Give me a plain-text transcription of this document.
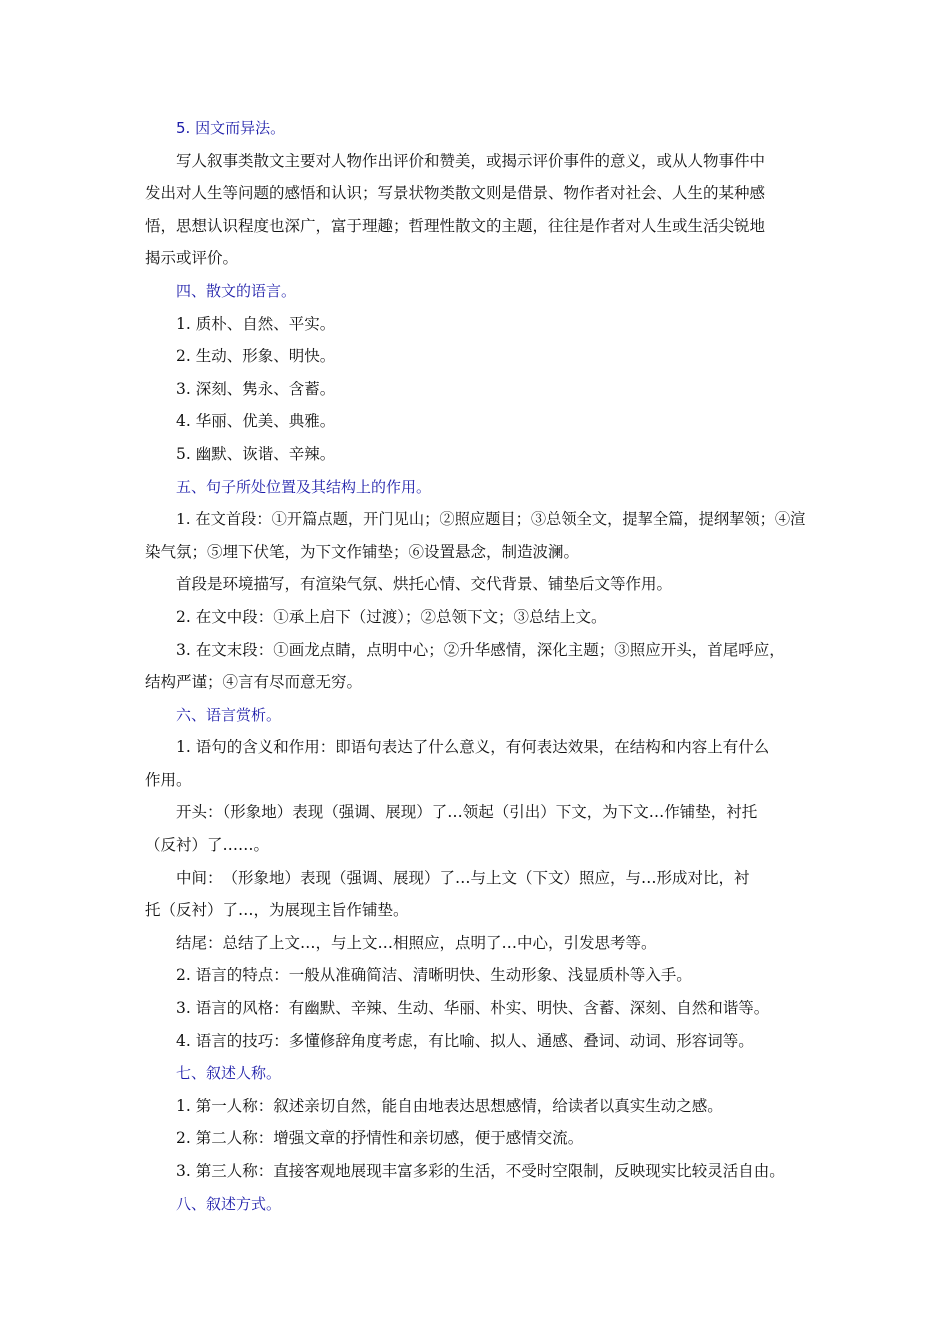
5. 因文而异法。
写人叙事类散文主要对人物作出评价和赞美，或揭示评价事件的意义，或从人物事件中
发出对人生等问题的感悟和认识；写景状物类散文则是借景、物作者对社会、人生的某种感
悟，思想认识程度也深广，富于理趣；哲理性散文的主题，往往是作者对人生或生活尖锐地
揭示或评价。
四、散文的语言。
1. 质朴、自然、平实。
2. 生动、形象、明快。
3. 深刻、隽永、含蓄。
4. 华丽、优美、典雅。
5. 幽默、诙谐、辛辣。
五、句子所处位置及其结构上的作用。
1. 在文首段：①开篇点题，开门见山；②照应题目；③总领全文，提挈全篇，提纲挈领；④渲
染气氛；⑤埋下伏笔，为下文作铺垫；⑥设置悬念，制造波澜。
首段是环境描写，有渲染气氛、烘托心情、交代背景、铺垫后文等作用。
2. 在文中段：①承上启下（过渡）；②总领下文；③总结上文。
3. 在文末段：①画龙点睛，点明中心；②升华感情，深化主题；③照应开头，首尾呼应，
结构严谨；④言有尽而意无穷。
六、语言赏析。
1. 语句的含义和作用：即语句表达了什么意义，有何表达效果，在结构和内容上有什么
作用。
开头：（形象地）表现（强调、展现）了…领起（引出）下文，为下文…作铺垫，衬托
（反衬）了……。
中间：　（形象地）表现（强调、展现）了…与上文（下文）照应，与…形成对比，衬
托（反衬）了…，为展现主旨作铺垫。
结尾：总结了上文…，与上文…相照应，点明了…中心，引发思考等。
2. 语言的特点：一般从准确简洁、清晰明快、生动形象、浅显质朴等入手。
3. 语言的风格：有幽默、辛辣、生动、华丽、朴实、明快、含蓄、深刻、自然和谐等。
4. 语言的技巧：多懂修辞角度考虑，有比喻、拟人、通感、叠词、动词、形容词等。
七、叙述人称。
1. 第一人称：叙述亲切自然，能自由地表达思想感情，给读者以真实生动之感。
2. 第二人称：增强文章的抒情性和亲切感，便于感情交流。
3. 第三人称：直接客观地展现丰富多彩的生活，不受时空限制，反映现实比较灵活自由。
八、叙述方式。
